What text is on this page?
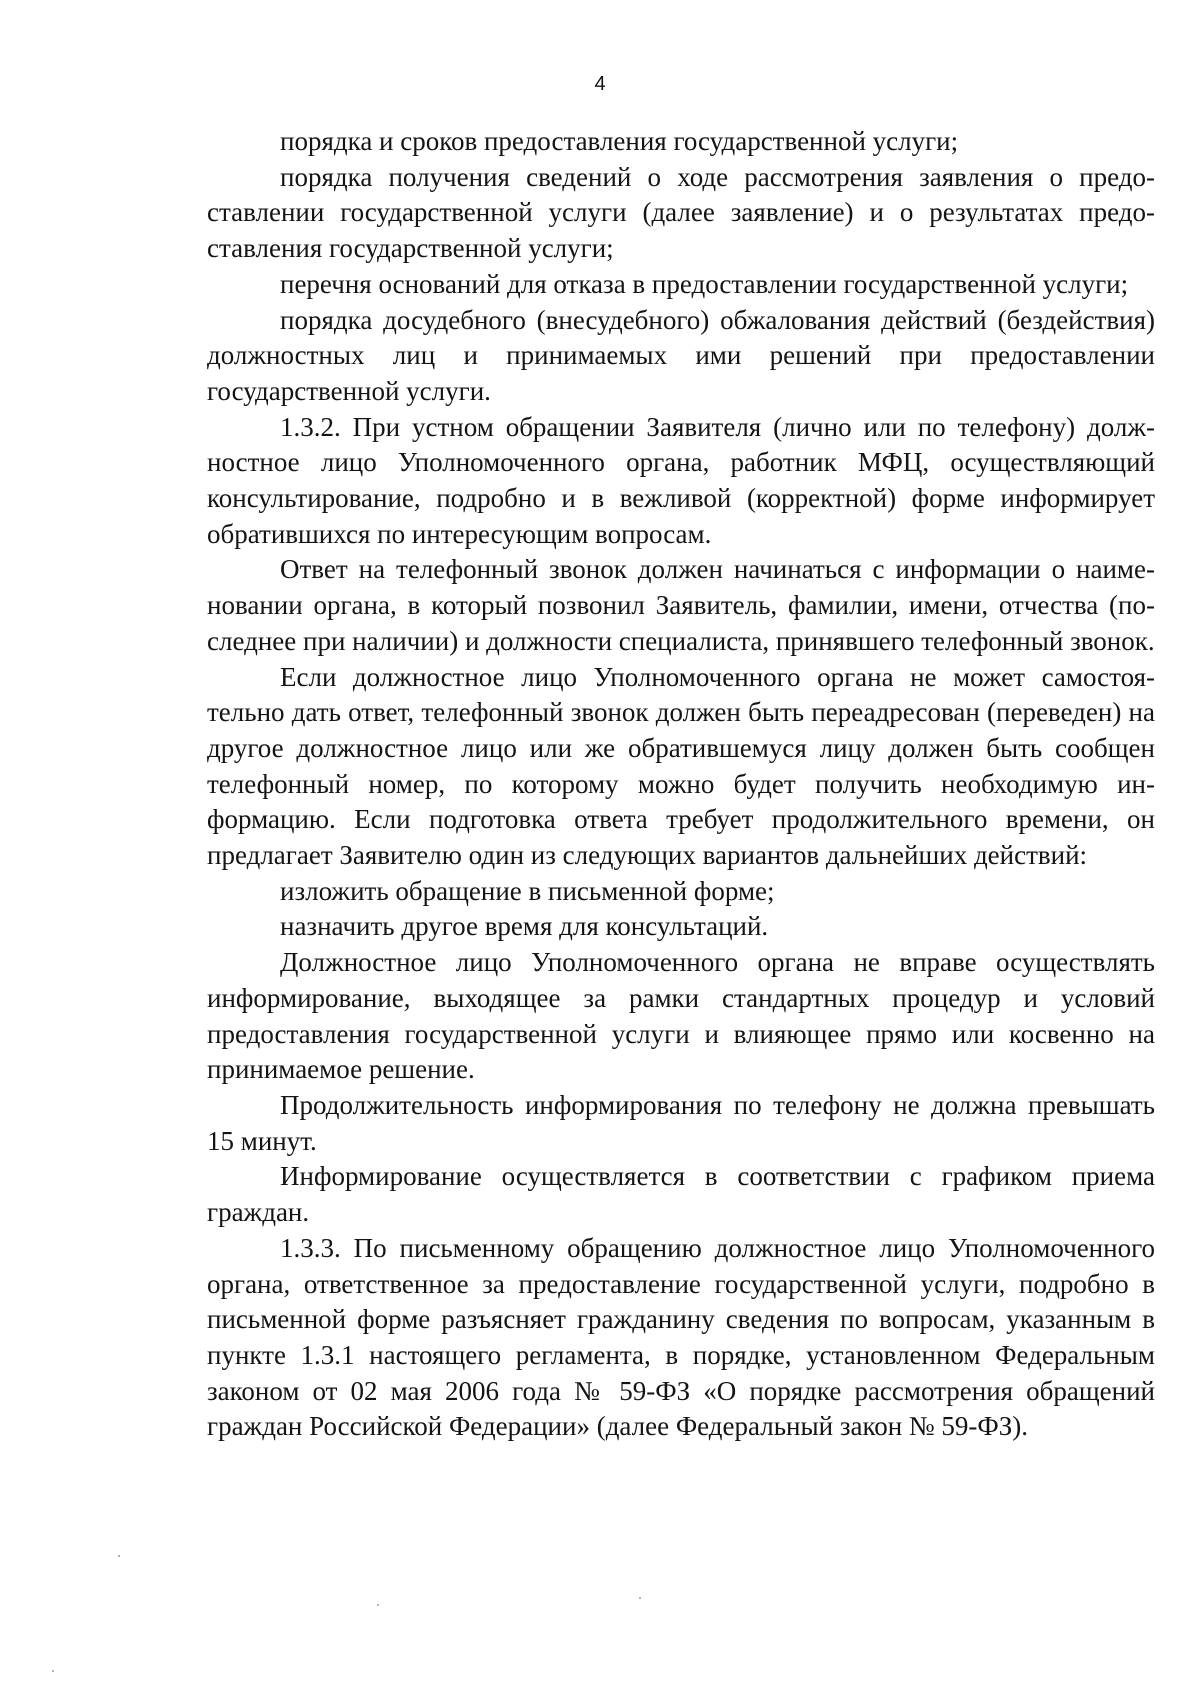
4

порядка и сроков предоставления государственной услуги;

порядка получения сведений о ходе рассмотрения заявления о предоставлении государственной услуги (далее заявление) и о результатах предоставления государственной услуги;

перечня оснований для отказа в предоставлении государственной услуги;

порядка досудебного (внесудебного) обжалования действий (бездействия) должностных лиц и принимаемых ими решений при предоставлении государственной услуги.

1.3.2. При устном обращении Заявителя (лично или по телефону) должностное лицо Уполномоченного органа, работник МФЦ, осуществляющий консультирование, подробно и в вежливой (корректной) форме информирует обратившихся по интересующим вопросам.

Ответ на телефонный звонок должен начинаться с информации о наименовании органа, в который позвонил Заявитель, фамилии, имени, отчества (последнее при наличии) и должности специалиста, принявшего телефонный звонок.

Если должностное лицо Уполномоченного органа не может самостоятельно дать ответ, телефонный звонок должен быть переадресован (переведен) на другое должностное лицо или же обратившемуся лицу должен быть сообщен телефонный номер, по которому можно будет получить необходимую информацию. Если подготовка ответа требует продолжительного времени, он предлагает Заявителю один из следующих вариантов дальнейших действий:

изложить обращение в письменной форме;

назначить другое время для консультаций.

Должностное лицо Уполномоченного органа не вправе осуществлять информирование, выходящее за рамки стандартных процедур и условий предоставления государственной услуги и влияющее прямо или косвенно на принимаемое решение.

Продолжительность информирования по телефону не должна превышать 15 минут.

Информирование осуществляется в соответствии с графиком приема граждан.

1.3.3. По письменному обращению должностное лицо Уполномоченного органа, ответственное за предоставление государственной услуги, подробно в письменной форме разъясняет гражданину сведения по вопросам, указанным в пункте 1.3.1 настоящего регламента, в порядке, установленном Федеральным законом от 02 мая 2006 года № 59-ФЗ «О порядке рассмотрения обращений граждан Российской Федерации» (далее Федеральный закон № 59-ФЗ).
